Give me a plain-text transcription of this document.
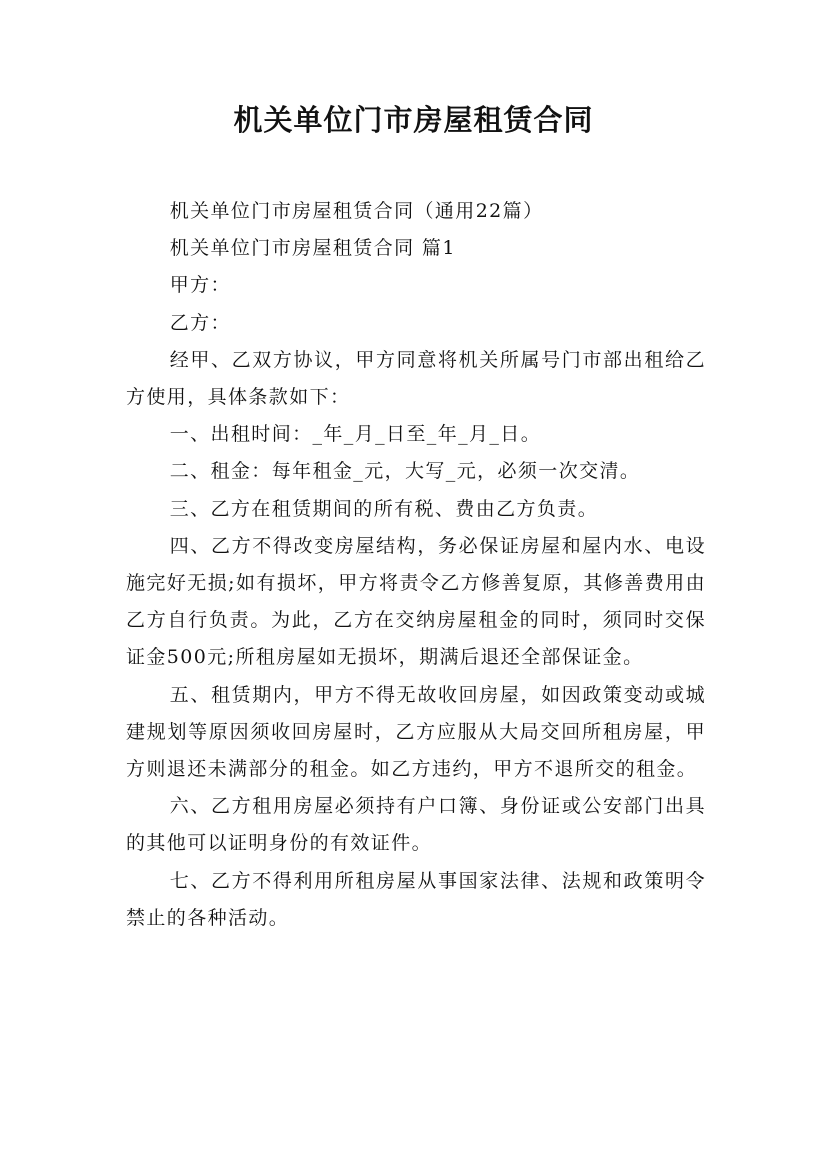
机关单位门市房屋租赁合同

机关单位门市房屋租赁合同（通用22篇）

机关单位门市房屋租赁合同 篇1

甲方：

乙方：

经甲、乙双方协议，甲方同意将机关所属号门市部出租给乙方使用，具体条款如下：

一、出租时间：_年_月_日至_年_月_日。

二、租金：每年租金_元，大写_元，必须一次交清。

三、乙方在租赁期间的所有税、费由乙方负责。

四、乙方不得改变房屋结构，务必保证房屋和屋内水、电设施完好无损;如有损坏，甲方将责令乙方修善复原，其修善费用由乙方自行负责。为此，乙方在交纳房屋租金的同时，须同时交保证金500元;所租房屋如无损坏，期满后退还全部保证金。

五、租赁期内，甲方不得无故收回房屋，如因政策变动或城建规划等原因须收回房屋时，乙方应服从大局交回所租房屋，甲方则退还未满部分的租金。如乙方违约，甲方不退所交的租金。

六、乙方租用房屋必须持有户口簿、身份证或公安部门出具的其他可以证明身份的有效证件。

七、乙方不得利用所租房屋从事国家法律、法规和政策明令禁止的各种活动。
